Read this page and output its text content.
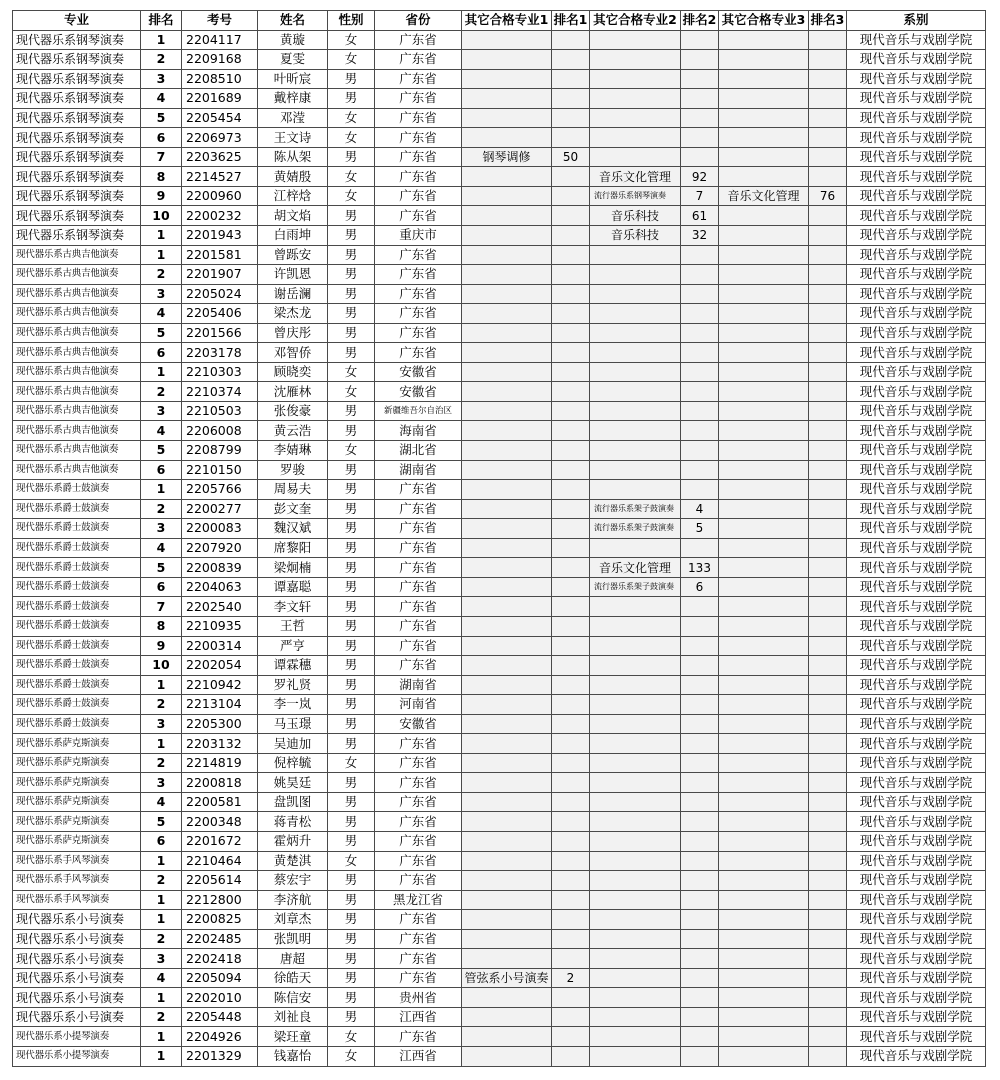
专业	排名	考号	姓名	性别	省份	其它合格专业1	排名1	其它合格专业2	排名2	其它合格专业3	排名3	系别
现代器乐系钢琴演奏	1	2204117	黄璇	女	广东省							现代音乐与戏剧学院
现代器乐系钢琴演奏	2	2209168	夏雯	女	广东省							现代音乐与戏剧学院
现代器乐系钢琴演奏	3	2208510	叶昕宸	男	广东省							现代音乐与戏剧学院
现代器乐系钢琴演奏	4	2201689	戴梓康	男	广东省							现代音乐与戏剧学院
现代器乐系钢琴演奏	5	2205454	邓滢	女	广东省							现代音乐与戏剧学院
现代器乐系钢琴演奏	6	2206973	王文诗	女	广东省							现代音乐与戏剧学院
现代器乐系钢琴演奏	7	2203625	陈从架	男	广东省	钢琴调修	50					现代音乐与戏剧学院
现代器乐系钢琴演奏	8	2214527	黄婧殷	女	广东省			音乐文化管理	92			现代音乐与戏剧学院
现代器乐系钢琴演奏	9	2200960	江梓焓	女	广东省			流行器乐系钢琴演奏	7	音乐文化管理	76	现代音乐与戏剧学院
现代器乐系钢琴演奏	10	2200232	胡文焰	男	广东省			音乐科技	61			现代音乐与戏剧学院
现代器乐系钢琴演奏	1	2201943	白雨坤	男	重庆市			音乐科技	32			现代音乐与戏剧学院
现代器乐系古典吉他演奏	1	2201581	曾跞安	男	广东省							现代音乐与戏剧学院
现代器乐系古典吉他演奏	2	2201907	许凯恩	男	广东省							现代音乐与戏剧学院
现代器乐系古典吉他演奏	3	2205024	谢岳澜	男	广东省							现代音乐与戏剧学院
现代器乐系古典吉他演奏	4	2205406	梁杰龙	男	广东省							现代音乐与戏剧学院
现代器乐系古典吉他演奏	5	2201566	曾庆彤	男	广东省							现代音乐与戏剧学院
现代器乐系古典吉他演奏	6	2203178	邓智侨	男	广东省							现代音乐与戏剧学院
现代器乐系古典吉他演奏	1	2210303	顾晓奕	女	安徽省							现代音乐与戏剧学院
现代器乐系古典吉他演奏	2	2210374	沈雁林	女	安徽省							现代音乐与戏剧学院
现代器乐系古典吉他演奏	3	2210503	张俊豪	男	新疆维吾尔自治区							现代音乐与戏剧学院
现代器乐系古典吉他演奏	4	2206008	黄云浩	男	海南省							现代音乐与戏剧学院
现代器乐系古典吉他演奏	5	2208799	李婧琳	女	湖北省							现代音乐与戏剧学院
现代器乐系古典吉他演奏	6	2210150	罗骏	男	湖南省							现代音乐与戏剧学院
现代器乐系爵士鼓演奏	1	2205766	周易夫	男	广东省							现代音乐与戏剧学院
现代器乐系爵士鼓演奏	2	2200277	彭文奎	男	广东省			流行器乐系架子鼓演奏	4			现代音乐与戏剧学院
现代器乐系爵士鼓演奏	3	2200083	魏汉斌	男	广东省			流行器乐系架子鼓演奏	5			现代音乐与戏剧学院
现代器乐系爵士鼓演奏	4	2207920	席黎阳	男	广东省							现代音乐与戏剧学院
现代器乐系爵士鼓演奏	5	2200839	梁炯楠	男	广东省			音乐文化管理	133			现代音乐与戏剧学院
现代器乐系爵士鼓演奏	6	2204063	谭嘉聪	男	广东省			流行器乐系架子鼓演奏	6			现代音乐与戏剧学院
现代器乐系爵士鼓演奏	7	2202540	李文轩	男	广东省							现代音乐与戏剧学院
现代器乐系爵士鼓演奏	8	2210935	王哲	男	广东省							现代音乐与戏剧学院
现代器乐系爵士鼓演奏	9	2200314	严亨	男	广东省							现代音乐与戏剧学院
现代器乐系爵士鼓演奏	10	2202054	谭霖穗	男	广东省							现代音乐与戏剧学院
现代器乐系爵士鼓演奏	1	2210942	罗礼贤	男	湖南省							现代音乐与戏剧学院
现代器乐系爵士鼓演奏	2	2213104	李一岚	男	河南省							现代音乐与戏剧学院
现代器乐系爵士鼓演奏	3	2205300	马玉璟	男	安徽省							现代音乐与戏剧学院
现代器乐系萨克斯演奏	1	2203132	吴迪加	男	广东省							现代音乐与戏剧学院
现代器乐系萨克斯演奏	2	2214819	倪梓毓	女	广东省							现代音乐与戏剧学院
现代器乐系萨克斯演奏	3	2200818	姚昊廷	男	广东省							现代音乐与戏剧学院
现代器乐系萨克斯演奏	4	2200581	盘凯图	男	广东省							现代音乐与戏剧学院
现代器乐系萨克斯演奏	5	2200348	蒋青松	男	广东省							现代音乐与戏剧学院
现代器乐系萨克斯演奏	6	2201672	霍炳升	男	广东省							现代音乐与戏剧学院
现代器乐系手风琴演奏	1	2210464	黄楚淇	女	广东省							现代音乐与戏剧学院
现代器乐系手风琴演奏	2	2205614	蔡宏宇	男	广东省							现代音乐与戏剧学院
现代器乐系手风琴演奏	1	2212800	李济航	男	黑龙江省							现代音乐与戏剧学院
现代器乐系小号演奏	1	2200825	刘章杰	男	广东省							现代音乐与戏剧学院
现代器乐系小号演奏	2	2202485	张凯明	男	广东省							现代音乐与戏剧学院
现代器乐系小号演奏	3	2202418	唐超	男	广东省							现代音乐与戏剧学院
现代器乐系小号演奏	4	2205094	徐皓天	男	广东省	管弦系小号演奏	2					现代音乐与戏剧学院
现代器乐系小号演奏	1	2202010	陈信安	男	贵州省							现代音乐与戏剧学院
现代器乐系小号演奏	2	2205448	刘祉良	男	江西省							现代音乐与戏剧学院
现代器乐系小提琴演奏	1	2204926	梁玨童	女	广东省							现代音乐与戏剧学院
现代器乐系小提琴演奏	1	2201329	钱嘉怡	女	江西省							现代音乐与戏剧学院
